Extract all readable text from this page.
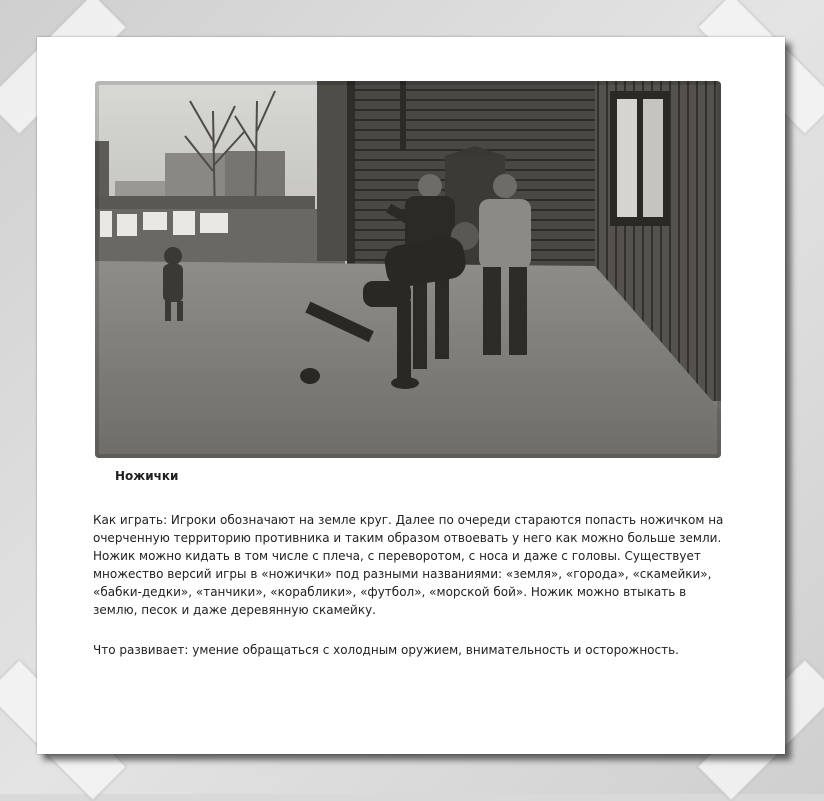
Ножички

Как играть: Игроки обозначают на земле круг. Далее по очереди стараются попасть ножичком на очерченную территорию противника и таким образом отвоевать у него как можно больше земли. Ножик можно кидать в том числе с плеча, с переворотом, с носа и даже с головы. Существует множество версий игры в «ножички» под разными названиями: «земля», «города», «скамейки», «бабки-дедки», «танчики», «кораблики», «футбол», «морской бой». Ножик можно втыкать в землю, песок и даже деревянную скамейку.

Что развивает: умение обращаться с холодным оружием, внимательность и осторожность.
